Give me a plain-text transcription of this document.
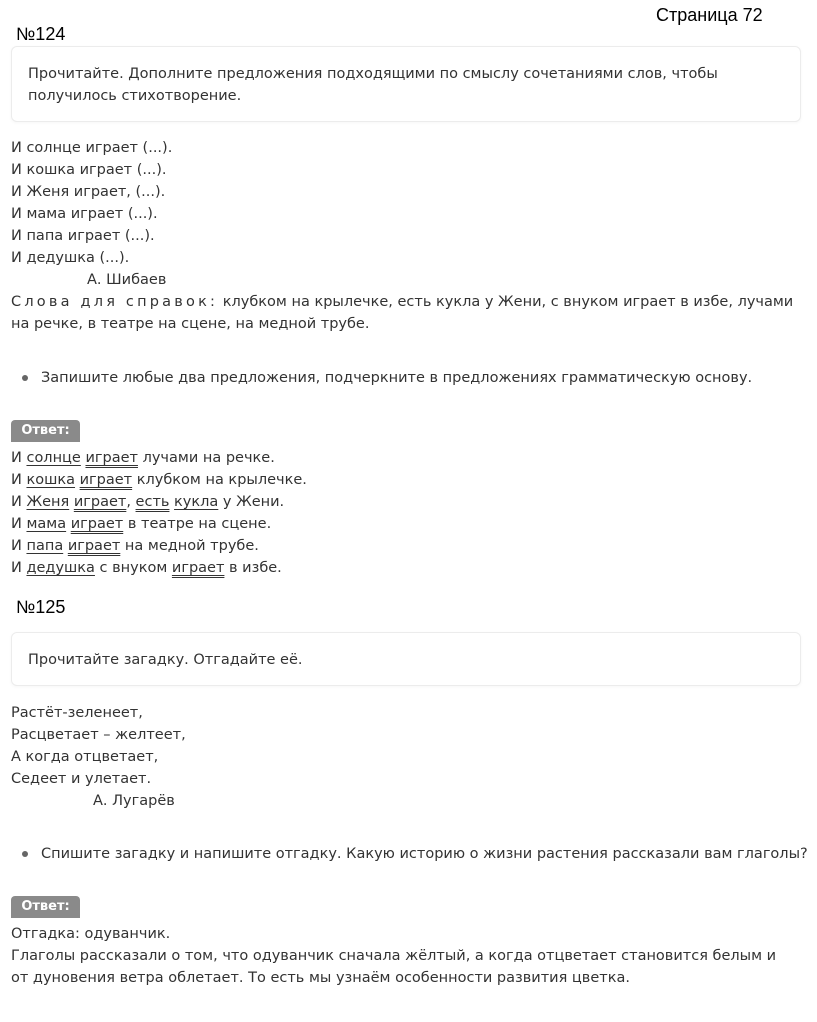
Страница 72
№124
Прочитайте. Дополните предложения подходящими по смыслу сочетаниями слов, чтобы получилось стихотворение.
И солнце играет (...).
И кошка играет (...).
И Женя играет, (...).
И мама играет (...).
И папа играет (...).
И дедушка (...).
А. Шибаев
Слова для справок: клубком на крылечке, есть кукла у Жени, с внуком играет в избе, лучами на речке, в театре на сцене, на медной трубе.
Запишите любые два предложения, подчеркните в предложениях грамматическую основу.
Ответ:
И солнце играет лучами на речке.
И кошка играет клубком на крылечке.
И Женя играет, есть кукла у Жени.
И мама играет в театре на сцене.
И папа играет на медной трубе.
И дедушка с внуком играет в избе.
№125
Прочитайте загадку. Отгадайте её.
Растёт-зеленеет,
Расцветает – желтеет,
А когда отцветает,
Седеет и улетает.
А. Лугарёв
Спишите загадку и напишите отгадку. Какую историю о жизни растения рассказали вам глаголы?
Ответ:
Отгадка: одуванчик.
Глаголы рассказали о том, что одуванчик сначала жёлтый, а когда отцветает становится белым и от дуновения ветра облетает. То есть мы узнаём особенности развития цветка.
